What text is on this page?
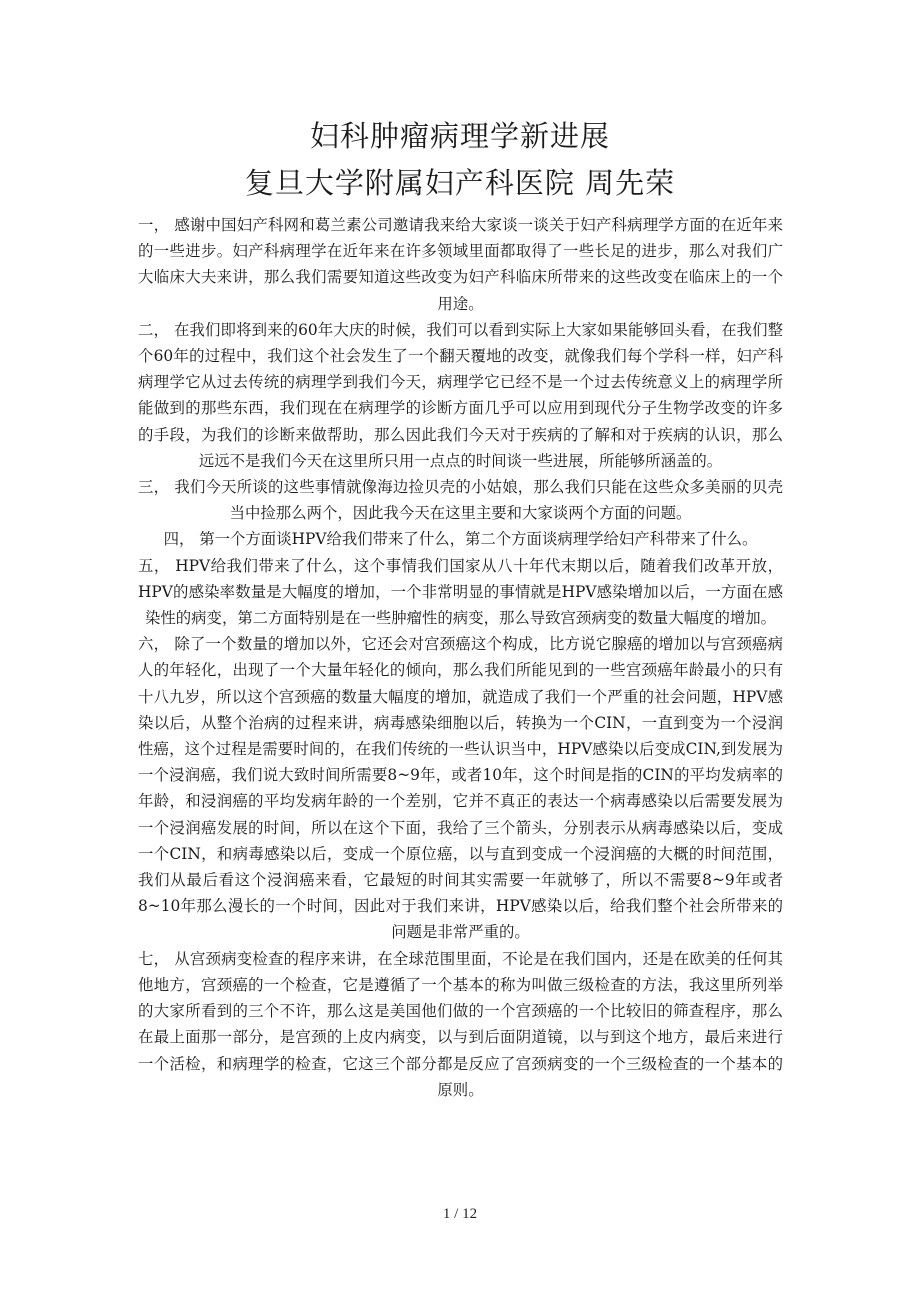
妇科肿瘤病理学新进展
复旦大学附属妇产科医院 周先荣

一， 感谢中国妇产科网和葛兰素公司邀请我来给大家谈一谈关于妇产科病理学方面的在近年来的一些进步。妇产科病理学在近年来在许多领域里面都取得了一些长足的进步，那么对我们广大临床大夫来讲，那么我们需要知道这些改变为妇产科临床所带来的这些改变在临床上的一个用途。

二， 在我们即将到来的60年大庆的时候，我们可以看到实际上大家如果能够回头看，在我们整个60年的过程中，我们这个社会发生了一个翻天覆地的改变，就像我们每个学科一样，妇产科病理学它从过去传统的病理学到我们今天，病理学它已经不是一个过去传统意义上的病理学所能做到的那些东西，我们现在在病理学的诊断方面几乎可以应用到现代分子生物学改变的许多的手段，为我们的诊断来做帮助，那么因此我们今天对于疾病的了解和对于疾病的认识，那么远远不是我们今天在这里所只用一点点的时间谈一些进展，所能够所涵盖的。

三， 我们今天所谈的这些事情就像海边捡贝壳的小姑娘，那么我们只能在这些众多美丽的贝壳当中捡那么两个，因此我今天在这里主要和大家谈两个方面的问题。

四， 第一个方面谈HPV给我们带来了什么，第二个方面谈病理学给妇产科带来了什么。

五， HPV给我们带来了什么，这个事情我们国家从八十年代末期以后，随着我们改革开放，HPV的感染率数量是大幅度的增加，一个非常明显的事情就是HPV感染增加以后，一方面在感染性的病变，第二方面特别是在一些肿瘤性的病变，那么导致宫颈病变的数量大幅度的增加。

六， 除了一个数量的增加以外，它还会对宫颈癌这个构成，比方说它腺癌的增加以与宫颈癌病人的年轻化，出现了一个大量年轻化的倾向，那么我们所能见到的一些宫颈癌年龄最小的只有十八九岁，所以这个宫颈癌的数量大幅度的增加，就造成了我们一个严重的社会问题，HPV感染以后，从整个治病的过程来讲，病毒感染细胞以后，转换为一个CIN，一直到变为一个浸润性癌，这个过程是需要时间的，在我们传统的一些认识当中，HPV感染以后变成CIN,到发展为一个浸润癌，我们说大致时间所需要8~9年，或者10年，这个时间是指的CIN的平均发病率的年龄，和浸润癌的平均发病年龄的一个差别，它并不真正的表达一个病毒感染以后需要发展为一个浸润癌发展的时间，所以在这个下面，我给了三个箭头，分别表示从病毒感染以后，变成一个CIN，和病毒感染以后，变成一个原位癌，以与直到变成一个浸润癌的大概的时间范围，我们从最后看这个浸润癌来看，它最短的时间其实需要一年就够了，所以不需要8~9年或者8~10年那么漫长的一个时间，因此对于我们来讲，HPV感染以后，给我们整个社会所带来的问题是非常严重的。

七， 从宫颈病变检查的程序来讲，在全球范围里面，不论是在我们国内，还是在欧美的任何其他地方，宫颈癌的一个检查，它是遵循了一个基本的称为叫做三级检查的方法，我这里所列举的大家所看到的三个不许，那么这是美国他们做的一个宫颈癌的一个比较旧的筛查程序，那么在最上面那一部分，是宫颈的上皮内病变，以与到后面阴道镜，以与到这个地方，最后来进行一个活检，和病理学的检查，它这三个部分都是反应了宫颈病变的一个三级检查的一个基本的原则。

1 / 12
